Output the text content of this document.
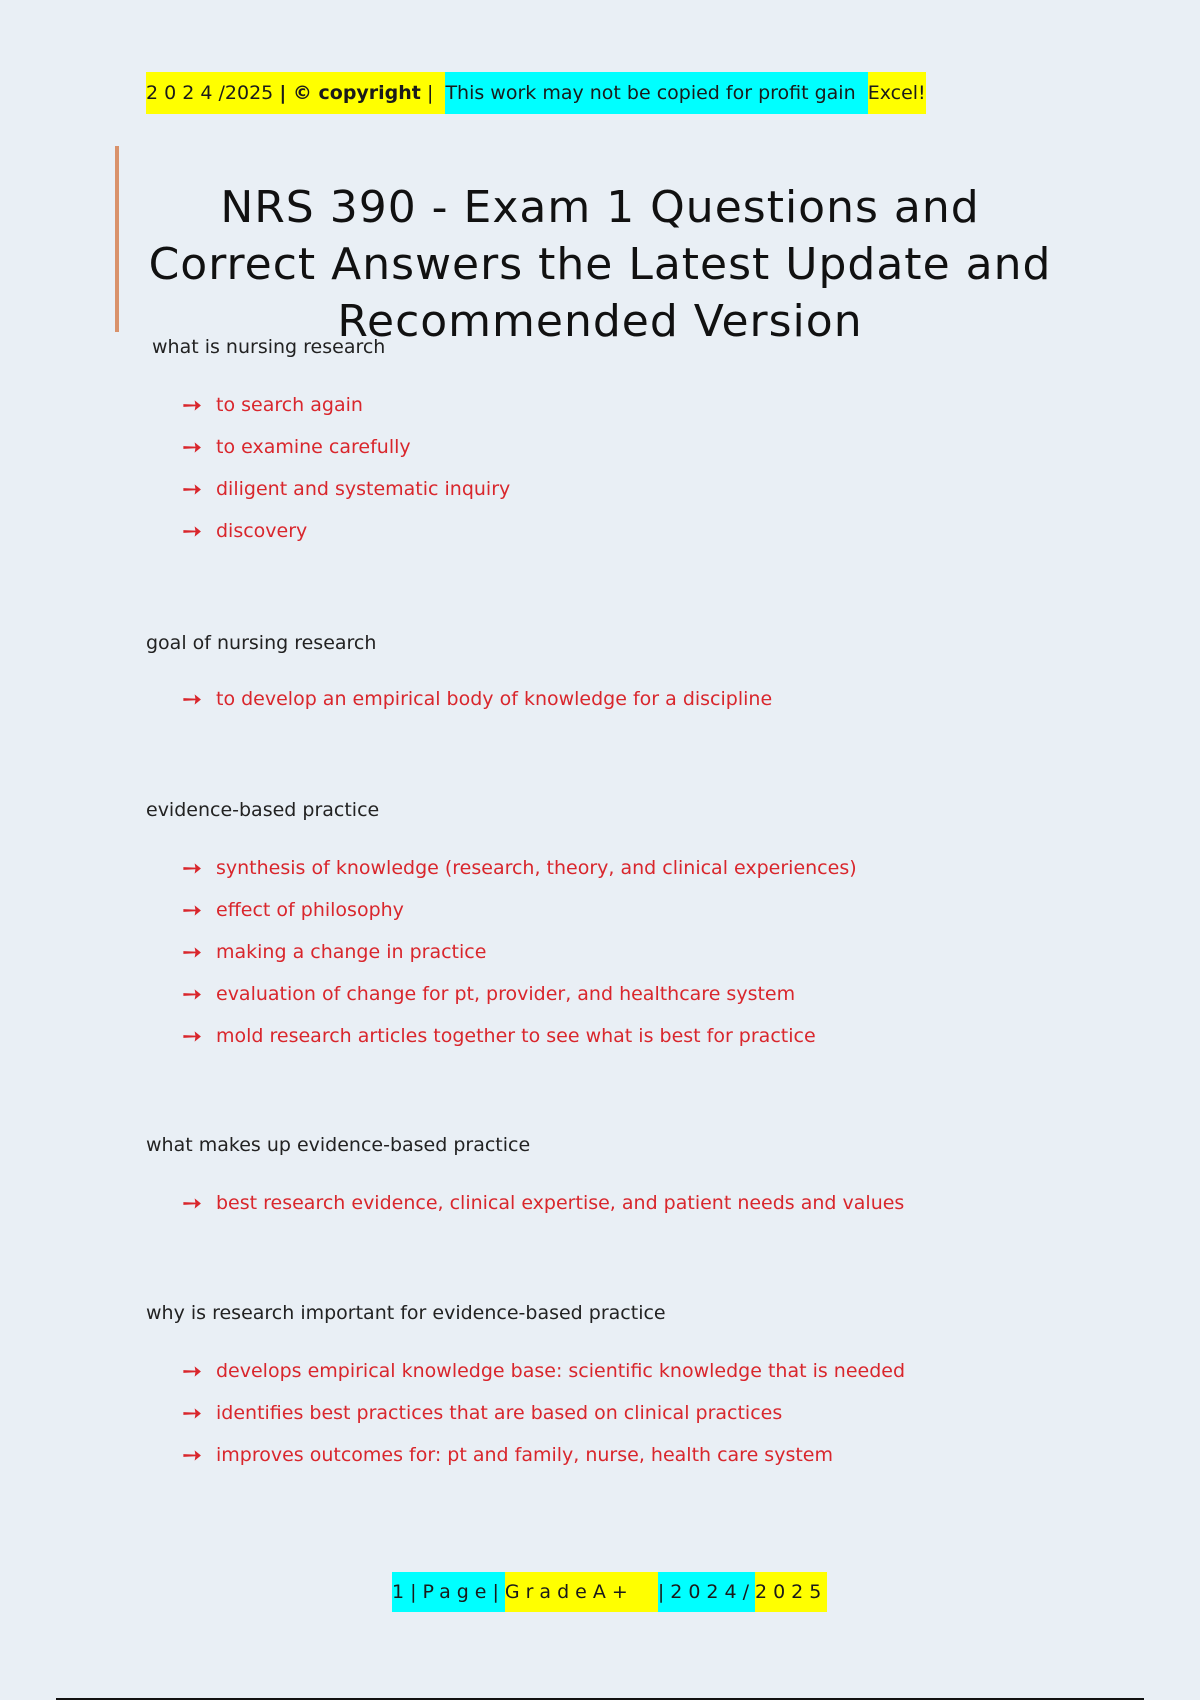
2 0 2 4 /2025 | © copyright | This work may not be copied for profit gain Excel!
NRS 390 - Exam 1 Questions and Correct Answers the Latest Update and Recommended Version

what is nursing research

➙ to search again
➙ to examine carefully
➙ diligent and systematic inquiry
➙ discovery

goal of nursing research

➙ to develop an empirical body of knowledge for a discipline

evidence-based practice

➙ synthesis of knowledge (research, theory, and clinical experiences)
➙ effect of philosophy
➙ making a change in practice
➙ evaluation of change for pt, provider, and healthcare system
➙ mold research articles together to see what is best for practice

what makes up evidence-based practice

➙ best research evidence, clinical expertise, and patient needs and values

why is research important for evidence-based practice

➙ develops empirical knowledge base: scientific knowledge that is needed
➙ identifies best practices that are based on clinical practices
➙ improves outcomes for: pt and family, nurse, health care system
1|Page| GradeA+ |2024/ 2025
